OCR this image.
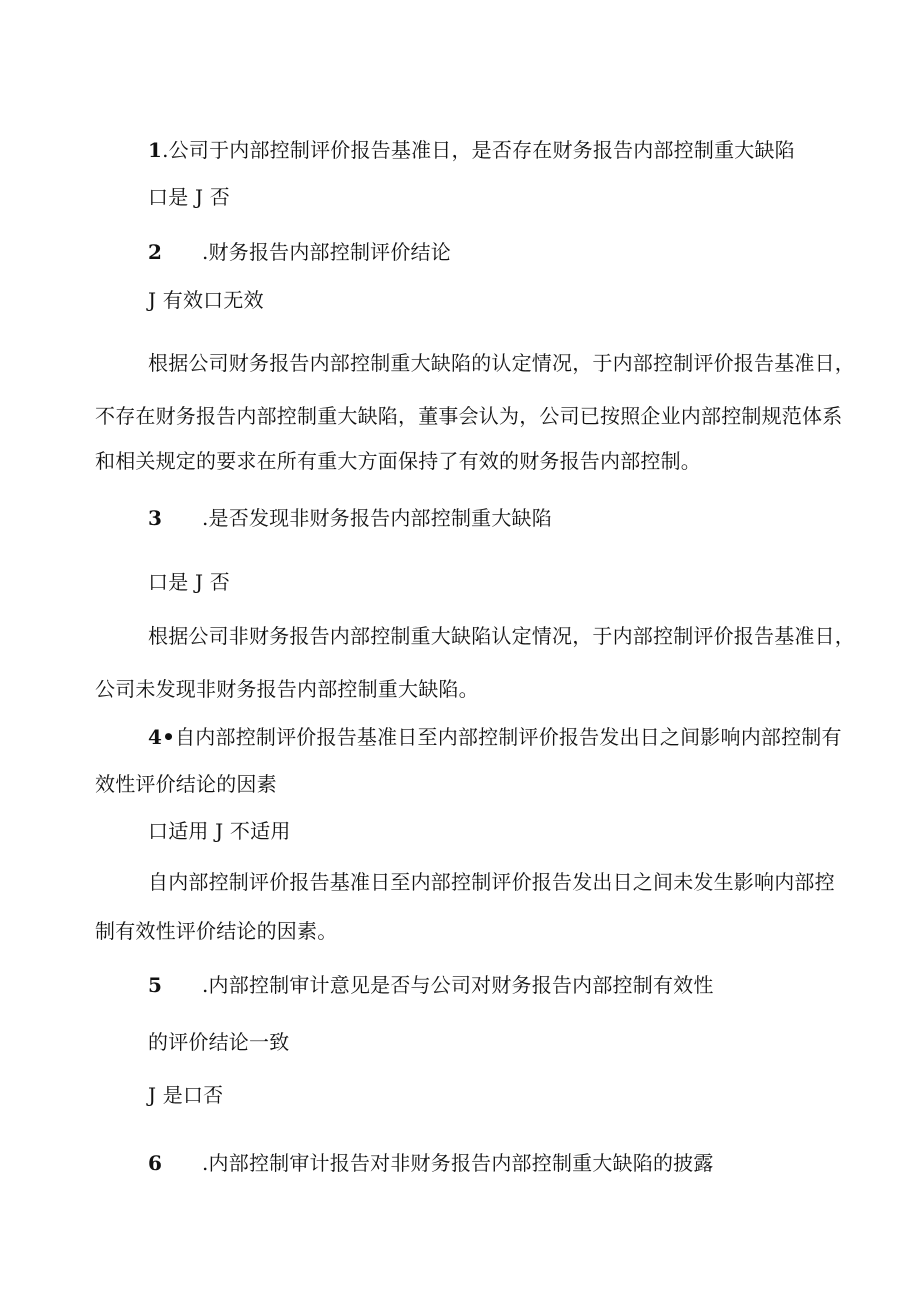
1.公司于内部控制评价报告基准日，是否存在财务报告内部控制重大缺陷
口是 J 否
2 .财务报告内部控制评价结论
J 有效口无效
根据公司财务报告内部控制重大缺陷的认定情况，于内部控制评价报告基准日，
不存在财务报告内部控制重大缺陷，董事会认为，公司已按照企业内部控制规范体系
和相关规定的要求在所有重大方面保持了有效的财务报告内部控制。
3 .是否发现非财务报告内部控制重大缺陷
口是 J 否
根据公司非财务报告内部控制重大缺陷认定情况，于内部控制评价报告基准日，
公司未发现非财务报告内部控制重大缺陷。
4•自内部控制评价报告基准日至内部控制评价报告发出日之间影响内部控制有
效性评价结论的因素
口适用 J 不适用
自内部控制评价报告基准日至内部控制评价报告发出日之间未发生影响内部控
制有效性评价结论的因素。
5 .内部控制审计意见是否与公司对财务报告内部控制有效性
的评价结论一致
J 是口否
6 .内部控制审计报告对非财务报告内部控制重大缺陷的披露
